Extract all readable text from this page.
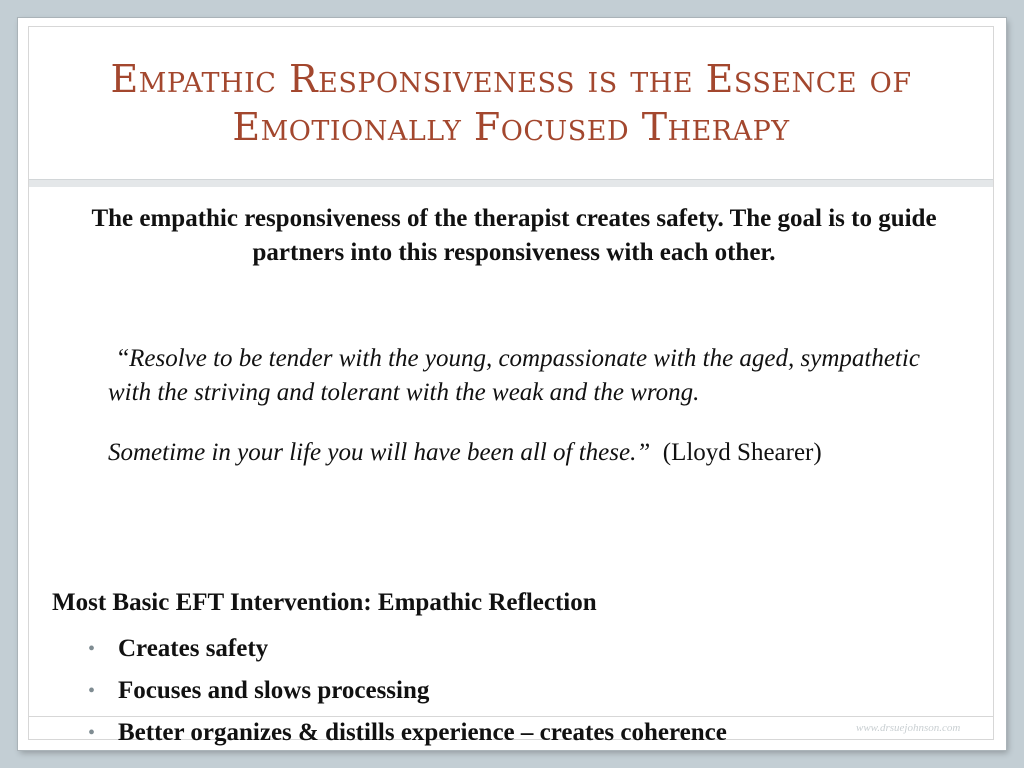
Empathic Responsiveness is the Essence of Emotionally Focused Therapy

The empathic responsiveness of the therapist creates safety. The goal is to guide partners into this responsiveness with each other.

“Resolve to be tender with the young, compassionate with the aged, sympathetic with the striving and tolerant with the weak and the wrong.

Sometime in your life you will have been all of these.” (Lloyd Shearer)

Most Basic EFT Intervention: Empathic Reflection

• Creates safety
• Focuses and slows processing
• Better organizes & distills experience – creates coherence	www.drsuejohnson.com
